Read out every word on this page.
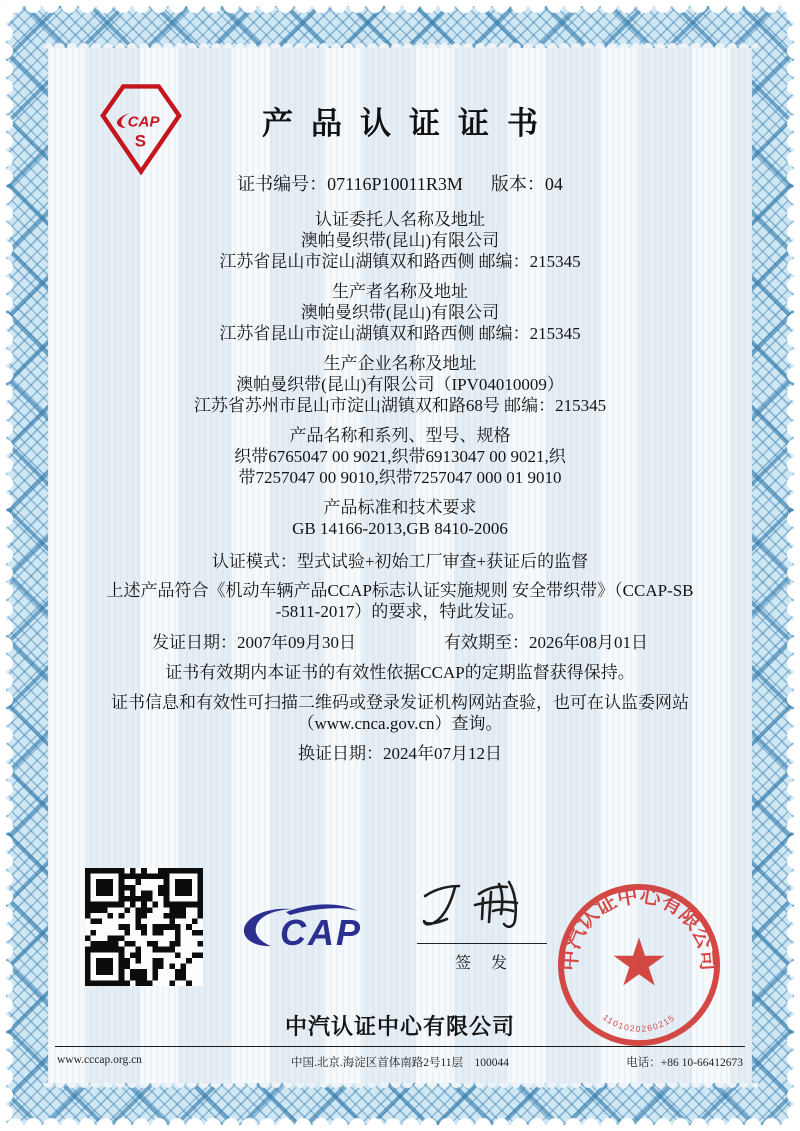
CAP
S
产品认证证书
证书编号：07116P10011R3M 版本：04
认证委托人名称及地址
澳帕曼织带(昆山)有限公司
江苏省昆山市淀山湖镇双和路西侧 邮编：215345
生产者名称及地址
澳帕曼织带(昆山)有限公司
江苏省昆山市淀山湖镇双和路西侧 邮编：215345
生产企业名称及地址
澳帕曼织带(昆山)有限公司（IPV04010009）
江苏省苏州市昆山市淀山湖镇双和路68号 邮编：215345
产品名称和系列、型号、规格
织带6765047 00 9021,织带6913047 00 9021,织
带7257047 00 9010,织带7257047 000 01 9010
产品标准和技术要求
GB 14166-2013,GB 8410-2006
认证模式：型式试验+初始工厂审查+获证后的监督
上述产品符合《机动车辆产品CCAP标志认证实施规则 安全带织带》（CCAP-SB
-5811-2017）的要求，特此发证。
发证日期：2007年09月30日	有效期至：2026年08月01日
证书有效期内本证书的有效性依据CCAP的定期监督获得保持。
证书信息和有效性可扫描二维码或登录发证机构网站查验，也可在认监委网站
（www.cnca.gov.cn）查询。
换证日期：2024年07月12日
CAP
签　发	中汽认证中心有限公司
1101020260215
中汽认证中心有限公司
www.cccap.org.cn	中国.北京.海淀区首体南路2号11层　100044	电话：+86 10-66412673
